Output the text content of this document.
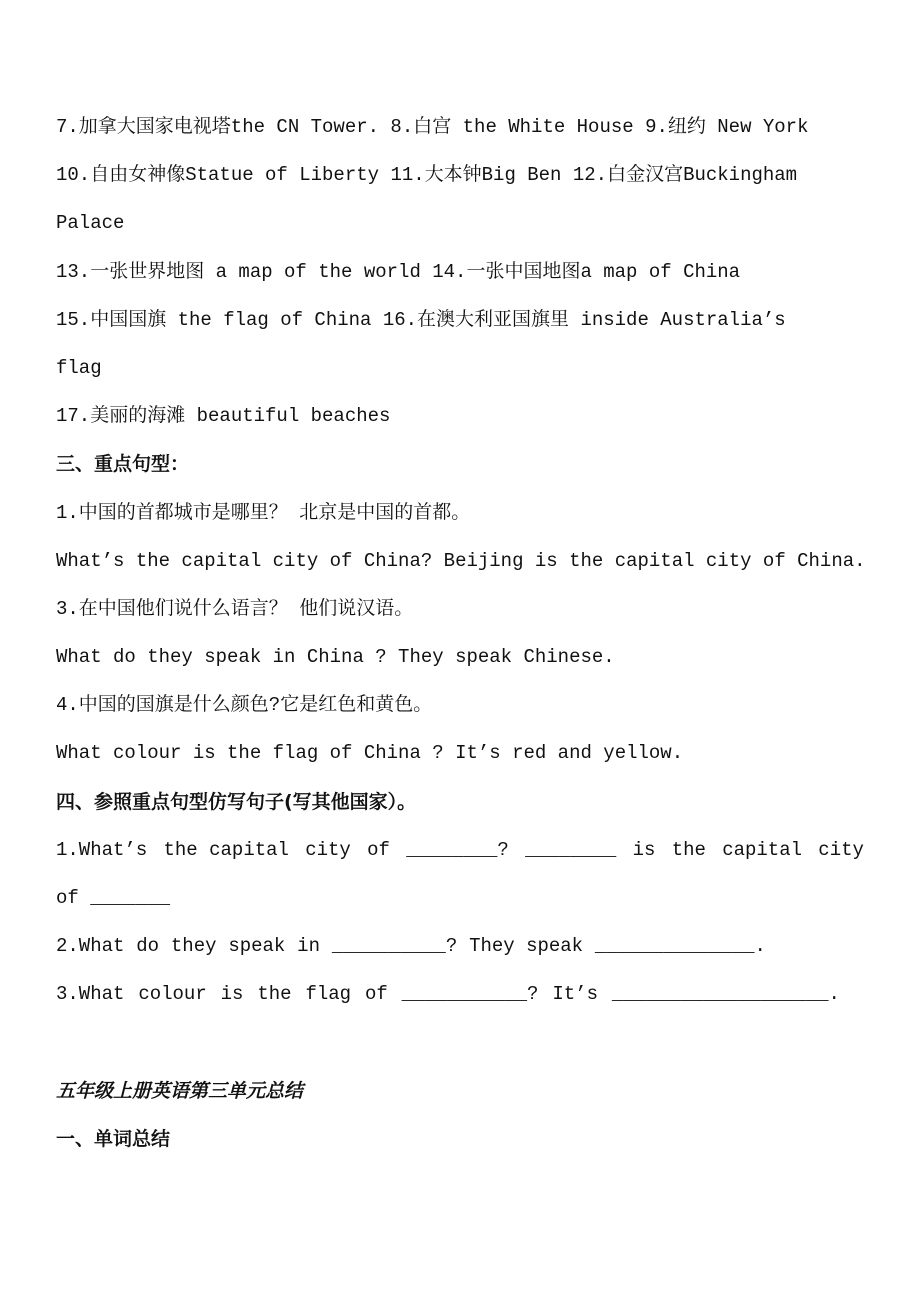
7.加拿大国家电视塔the CN Tower. 8.白宫 the White House 9.纽约 New York
10.自由女神像Statue of Liberty 11.大本钟Big Ben 12.白金汉宫Buckingham
Palace
13.一张世界地图 a map of the world 14.一张中国地图a map of China
15.中国国旗 the flag of China 16.在澳大利亚国旗里 inside Australia’s
flag
17.美丽的海滩 beautiful beaches
三、重点句型：
1.中国的首都城市是哪里？ 北京是中国的首都。
What’s the capital city of China? Beijing is the capital city of China.
3.在中国他们说什么语言？ 他们说汉语。
What do they speak in China ? They speak Chinese.
4.中国的国旗是什么颜色?它是红色和黄色。
What colour is the flag of China ? It’s red and yellow.
四、参照重点句型仿写句子(写其他国家）。
1.What’s the capital city of ________? ________ is the capital city
of _______
2.What do they speak in __________? They speak ______________.
3.What colour is the flag of ___________? It’s ___________________.
五年级上册英语第三单元总结
一、单词总结
